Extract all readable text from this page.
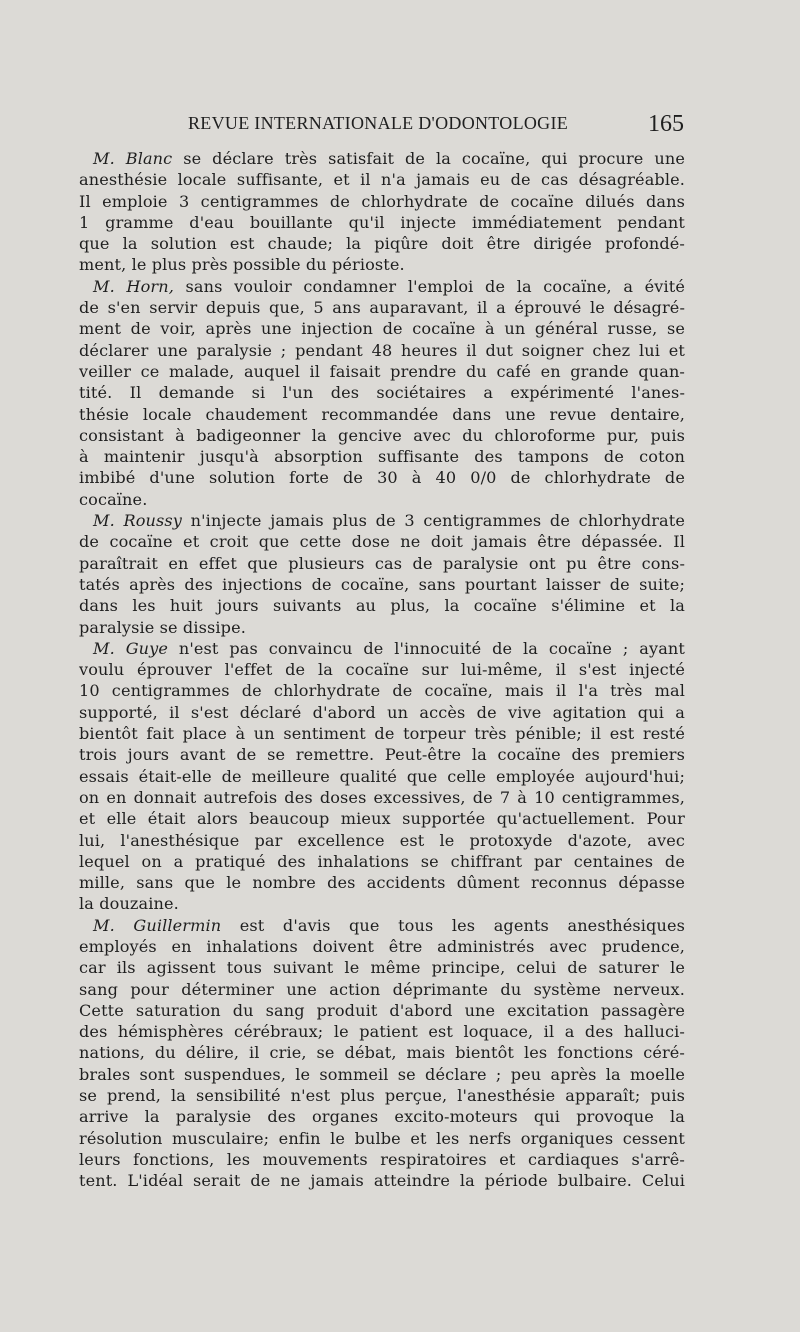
REVUE INTERNATIONALE D'ODONTOLOGIE	165
M. Blanc se déclare très satisfait de la cocaïne, qui procure une
anesthésie locale suffisante, et il n'a jamais eu de cas désagréable.
Il emploie 3 centigrammes de chlorhydrate de cocaïne dilués dans
1 gramme d'eau bouillante qu'il injecte immédiatement pendant
que la solution est chaude; la piqûre doit être dirigée profondé-
ment, le plus près possible du périoste.
M. Horn, sans vouloir condamner l'emploi de la cocaïne, a évité
de s'en servir depuis que, 5 ans auparavant, il a éprouvé le désagré-
ment de voir, après une injection de cocaïne à un général russe, se
déclarer une paralysie ; pendant 48 heures il dut soigner chez lui et
veiller ce malade, auquel il faisait prendre du café en grande quan-
tité. Il demande si l'un des sociétaires a expérimenté l'anes-
thésie locale chaudement recommandée dans une revue dentaire,
consistant à badigeonner la gencive avec du chloroforme pur, puis
à maintenir jusqu'à absorption suffisante des tampons de coton
imbibé d'une solution forte de 30 à 40 0/0 de chlorhydrate de
cocaïne.
M. Roussy n'injecte jamais plus de 3 centigrammes de chlorhydrate
de cocaïne et croit que cette dose ne doit jamais être dépassée. Il
paraîtrait en effet que plusieurs cas de paralysie ont pu être cons-
tatés après des injections de cocaïne, sans pourtant laisser de suite;
dans les huit jours suivants au plus, la cocaïne s'élimine et la
paralysie se dissipe.
M. Guye n'est pas convaincu de l'innocuité de la cocaïne ; ayant
voulu éprouver l'effet de la cocaïne sur lui-même, il s'est injecté
10 centigrammes de chlorhydrate de cocaïne, mais il l'a très mal
supporté, il s'est déclaré d'abord un accès de vive agitation qui a
bientôt fait place à un sentiment de torpeur très pénible; il est resté
trois jours avant de se remettre. Peut-être la cocaïne des premiers
essais était-elle de meilleure qualité que celle employée aujourd'hui;
on en donnait autrefois des doses excessives, de 7 à 10 centigrammes,
et elle était alors beaucoup mieux supportée qu'actuellement. Pour
lui, l'anesthésique par excellence est le protoxyde d'azote, avec
lequel on a pratiqué des inhalations se chiffrant par centaines de
mille, sans que le nombre des accidents dûment reconnus dépasse
la douzaine.
M. Guillermin est d'avis que tous les agents anesthésiques
employés en inhalations doivent être administrés avec prudence,
car ils agissent tous suivant le même principe, celui de saturer le
sang pour déterminer une action déprimante du système nerveux.
Cette saturation du sang produit d'abord une excitation passagère
des hémisphères cérébraux; le patient est loquace, il a des halluci-
nations, du délire, il crie, se débat, mais bientôt les fonctions céré-
brales sont suspendues, le sommeil se déclare ; peu après la moelle
se prend, la sensibilité n'est plus perçue, l'anesthésie apparaît; puis
arrive la paralysie des organes excito-moteurs qui provoque la
résolution musculaire; enfin le bulbe et les nerfs organiques cessent
leurs fonctions, les mouvements respiratoires et cardiaques s'arrê-
tent. L'idéal serait de ne jamais atteindre la période bulbaire. Celui
